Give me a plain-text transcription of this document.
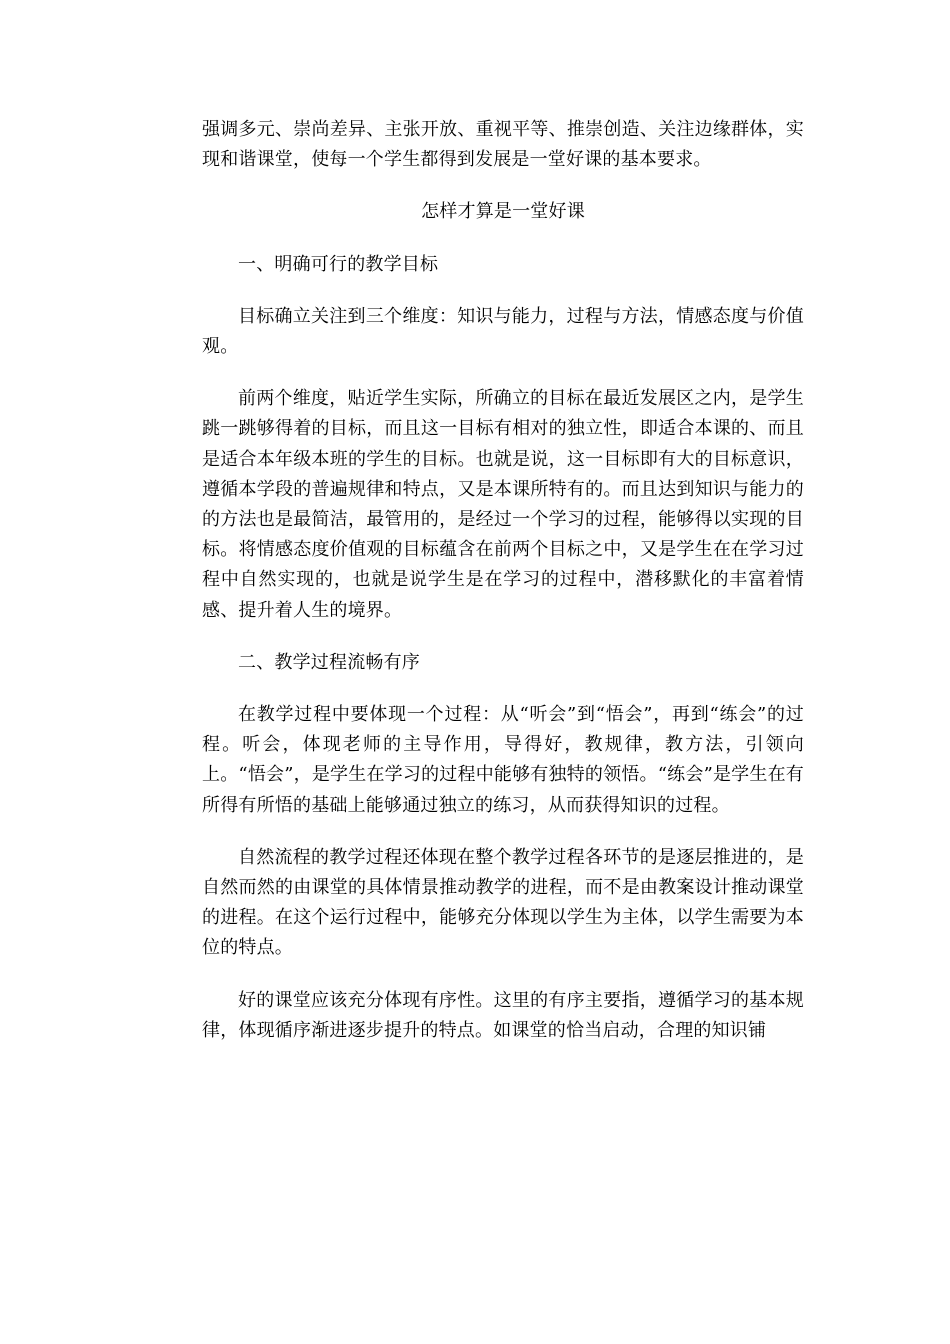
强调多元、崇尚差异、主张开放、重视平等、推崇创造、关注边缘群体，实现和谐课堂，使每一个学生都得到发展是一堂好课的基本要求。

怎样才算是一堂好课

一、明确可行的教学目标

目标确立关注到三个维度：知识与能力，过程与方法，情感态度与价值观。

前两个维度，贴近学生实际，所确立的目标在最近发展区之内，是学生跳一跳够得着的目标，而且这一目标有相对的独立性，即适合本课的、而且是适合本年级本班的学生的目标。也就是说，这一目标即有大的目标意识，遵循本学段的普遍规律和特点，又是本课所特有的。而且达到知识与能力的的方法也是最简洁，最管用的，是经过一个学习的过程，能够得以实现的目标。将情感态度价值观的目标蕴含在前两个目标之中，又是学生在在学习过程中自然实现的，也就是说学生是在学习的过程中，潜移默化的丰富着情感、提升着人生的境界。

二、教学过程流畅有序

在教学过程中要体现一个过程：从“听会”到“悟会”，再到“练会”的过程。听会，体现老师的主导作用，导得好，教规律，教方法，引领向上。“悟会”，是学生在学习的过程中能够有独特的领悟。“练会”是学生在有所得有所悟的基础上能够通过独立的练习，从而获得知识的过程。

自然流程的教学过程还体现在整个教学过程各环节的是逐层推进的，是自然而然的由课堂的具体情景推动教学的进程，而不是由教案设计推动课堂的进程。在这个运行过程中，能够充分体现以学生为主体，以学生需要为本位的特点。

好的课堂应该充分体现有序性。这里的有序主要指，遵循学习的基本规律，体现循序渐进逐步提升的特点。如课堂的恰当启动，合理的知识铺
